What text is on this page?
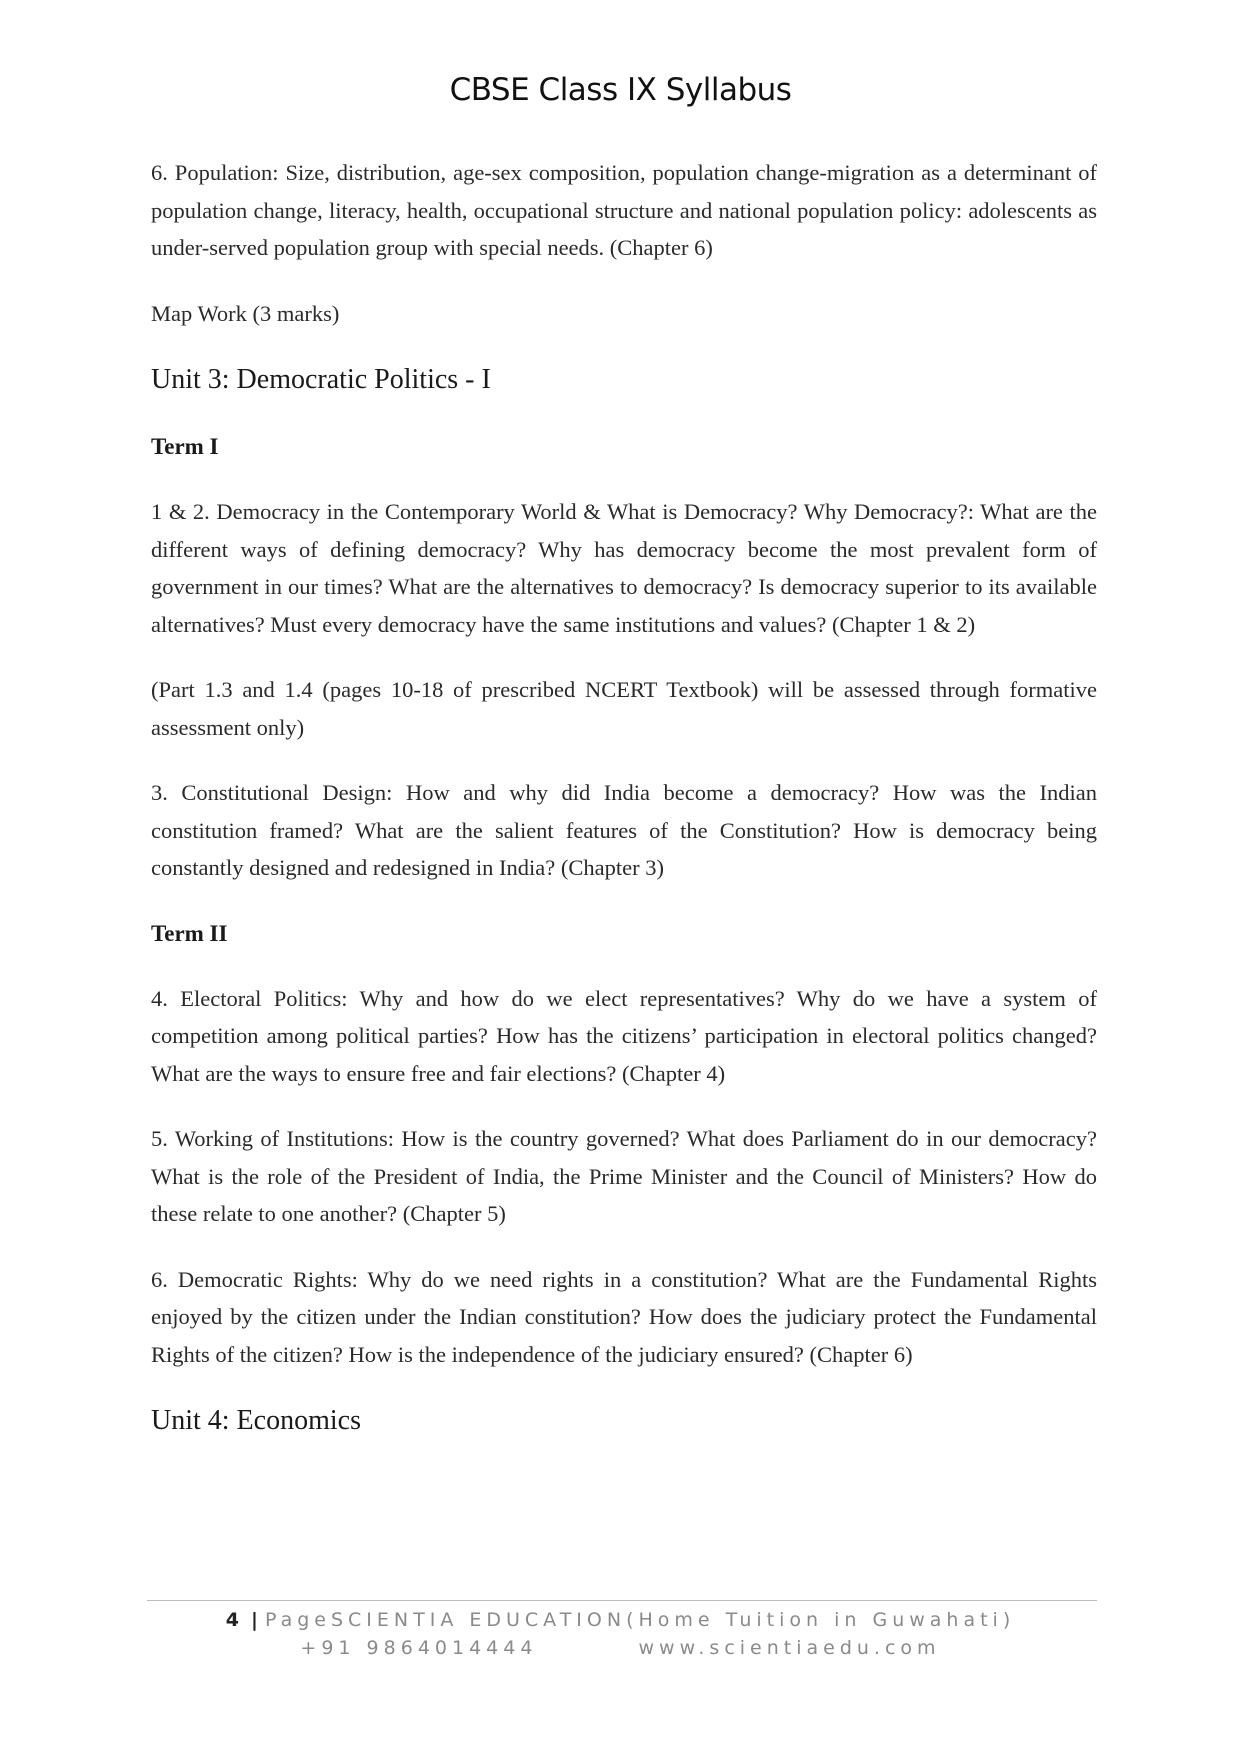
CBSE Class IX Syllabus

6. Population: Size, distribution, age-sex composition, population change-migration as a determinant of population change, literacy, health, occupational structure and national population policy: adolescents as under-served population group with special needs. (Chapter 6)

Map Work (3 marks)

Unit 3: Democratic Politics - I
Term I

1 & 2. Democracy in the Contemporary World & What is Democracy? Why Democracy?: What are the different ways of defining democracy? Why has democracy become the most prevalent form of government in our times? What are the alternatives to democracy? Is democracy superior to its available alternatives? Must every democracy have the same institutions and values? (Chapter 1 & 2)

(Part 1.3 and 1.4 (pages 10-18 of prescribed NCERT Textbook) will be assessed through formative assessment only)

3. Constitutional Design: How and why did India become a democracy? How was the Indian constitution framed? What are the salient features of the Constitution? How is democracy being constantly designed and redesigned in India? (Chapter 3)

Term II

4. Electoral Politics: Why and how do we elect representatives? Why do we have a system of competition among political parties? How has the citizens’ participation in electoral politics changed? What are the ways to ensure free and fair elections? (Chapter 4)

5. Working of Institutions: How is the country governed? What does Parliament do in our democracy? What is the role of the President of India, the Prime Minister and the Council of Ministers? How do these relate to one another? (Chapter 5)

6. Democratic Rights: Why do we need rights in a constitution? What are the Fundamental Rights enjoyed by the citizen under the Indian constitution? How does the judiciary protect the Fundamental Rights of the citizen? How is the independence of the judiciary ensured? (Chapter 6)

Unit 4: Economics
4 | PageSCIENTIA EDUCATION(Home Tuition in Guwahati)
+91 9864014444	www.scientiaedu.com
